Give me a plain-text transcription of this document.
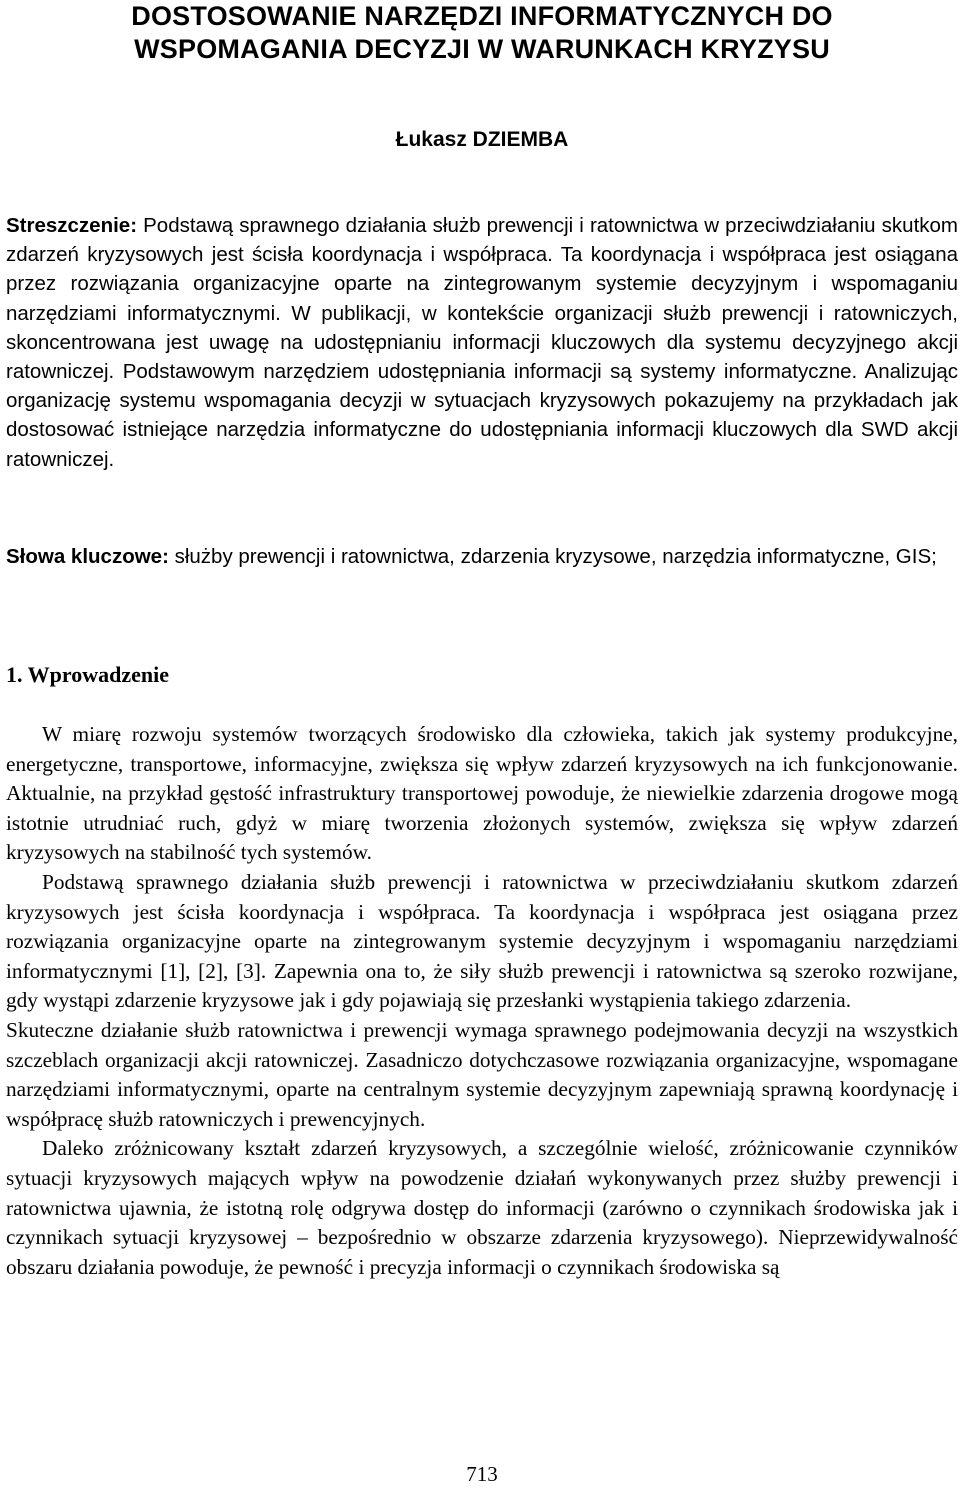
DOSTOSOWANIE NARZĘDZI INFORMATYCZNYCH DO
WSPOMAGANIA DECYZJI W WARUNKACH KRYZYSU

Łukasz DZIEMBA

Streszczenie: Podstawą sprawnego działania służb prewencji i ratownictwa w przeciwdziałaniu skutkom zdarzeń kryzysowych jest ścisła koordynacja i współpraca. Ta koordynacja i współpraca jest osiągana przez rozwiązania organizacyjne oparte na zintegrowanym systemie decyzyjnym i wspomaganiu narzędziami informatycznymi. W publikacji, w kontekście organizacji służb prewencji i ratowniczych, skoncentrowana jest uwagę na udostępnianiu informacji kluczowych dla systemu decyzyjnego akcji ratowniczej. Podstawowym narzędziem udostępniania informacji są systemy informatyczne. Analizując organizację systemu wspomagania decyzji w sytuacjach kryzysowych pokazujemy na przykładach jak dostosować istniejące narzędzia informatyczne do udostępniania informacji kluczowych dla SWD akcji ratowniczej.

Słowa kluczowe: służby prewencji i ratownictwa, zdarzenia kryzysowe, narzędzia informatyczne, GIS;

1. Wprowadzenie

W miarę rozwoju systemów tworzących środowisko dla człowieka, takich jak systemy produkcyjne, energetyczne, transportowe, informacyjne, zwiększa się wpływ zdarzeń kryzysowych na ich funkcjonowanie. Aktualnie, na przykład gęstość infrastruktury transportowej powoduje, że niewielkie zdarzenia drogowe mogą istotnie utrudniać ruch, gdyż w miarę tworzenia złożonych systemów, zwiększa się wpływ zdarzeń kryzysowych na stabilność tych systemów.

Podstawą sprawnego działania służb prewencji i ratownictwa w przeciwdziałaniu skutkom zdarzeń kryzysowych jest ścisła koordynacja i współpraca. Ta koordynacja i współpraca jest osiągana przez rozwiązania organizacyjne oparte na zintegrowanym systemie decyzyjnym i wspomaganiu narzędziami informatycznymi [1], [2], [3]. Zapewnia ona to, że siły służb prewencji i ratownictwa są szeroko rozwijane, gdy wystąpi zdarzenie kryzysowe jak i gdy pojawiają się przesłanki wystąpienia takiego zdarzenia.

Skuteczne działanie służb ratownictwa i prewencji wymaga sprawnego podejmowania decyzji na wszystkich szczeblach organizacji akcji ratowniczej. Zasadniczo dotychczasowe rozwiązania organizacyjne, wspomagane narzędziami informatycznymi, oparte na centralnym systemie decyzyjnym zapewniają sprawną koordynację i współpracę służb ratowniczych i prewencyjnych.

Daleko zróżnicowany kształt zdarzeń kryzysowych, a szczególnie wielość, zróżnicowanie czynników sytuacji kryzysowych mających wpływ na powodzenie działań wykonywanych przez służby prewencji i ratownictwa ujawnia, że istotną rolę odgrywa dostęp do informacji (zarówno o czynnikach środowiska jak i czynnikach sytuacji kryzysowej – bezpośrednio w obszarze zdarzenia kryzysowego). Nieprzewidywalność obszaru działania powoduje, że pewność i precyzja informacji o czynnikach środowiska są

713
